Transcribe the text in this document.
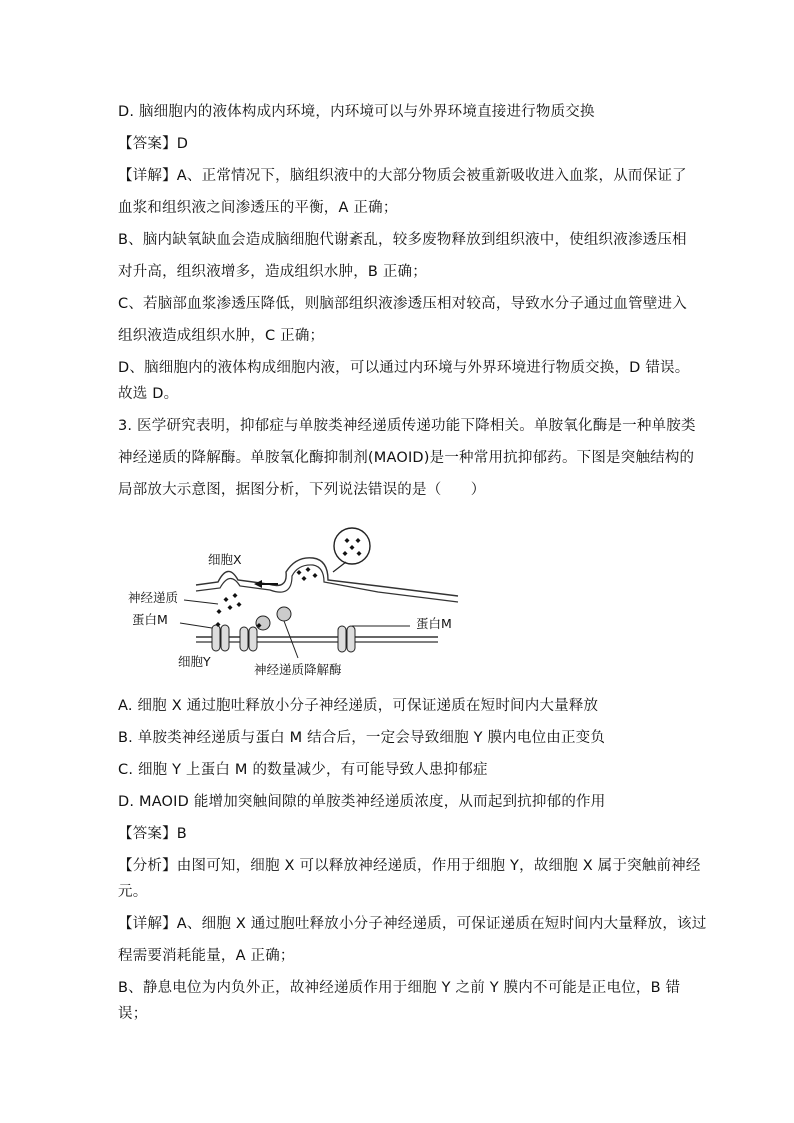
D. 脑细胞内的液体构成内环境，内环境可以与外界环境直接进行物质交换
【答案】D
【详解】A、正常情况下，脑组织液中的大部分物质会被重新吸收进入血浆，从而保证了
血浆和组织液之间渗透压的平衡，A 正确；
B、脑内缺氧缺血会造成脑细胞代谢紊乱，较多废物释放到组织液中，使组织液渗透压相
对升高，组织液增多，造成组织水肿，B 正确；
C、若脑部血浆渗透压降低，则脑部组织液渗透压相对较高，导致水分子通过血管壁进入
组织液造成组织水肿，C 正确；
D、脑细胞内的液体构成细胞内液，可以通过内环境与外界环境进行物质交换，D 错误。
故选 D。
3. 医学研究表明，抑郁症与单胺类神经递质传递功能下降相关。单胺氧化酶是一种单胺类
神经递质的降解酶。单胺氧化酶抑制剂(MAOID)是一种常用抗抑郁药。下图是突触结构的
局部放大示意图，据图分析，下列说法错误的是（　　）
细胞X
神经递质
蛋白M	蛋白M
细胞Y
神经递质降解酶
A. 细胞 X 通过胞吐释放小分子神经递质，可保证递质在短时间内大量释放
B. 单胺类神经递质与蛋白 M 结合后，一定会导致细胞 Y 膜内电位由正变负
C. 细胞 Y 上蛋白 M 的数量减少，有可能导致人患抑郁症
D. MAOID 能增加突触间隙的单胺类神经递质浓度，从而起到抗抑郁的作用
【答案】B
【分析】由图可知，细胞 X 可以释放神经递质，作用于细胞 Y，故细胞 X 属于突触前神经
元。
【详解】A、细胞 X 通过胞吐释放小分子神经递质，可保证递质在短时间内大量释放，该过
程需要消耗能量，A 正确；
B、静息电位为内负外正，故神经递质作用于细胞 Y 之前 Y 膜内不可能是正电位，B 错
误；
